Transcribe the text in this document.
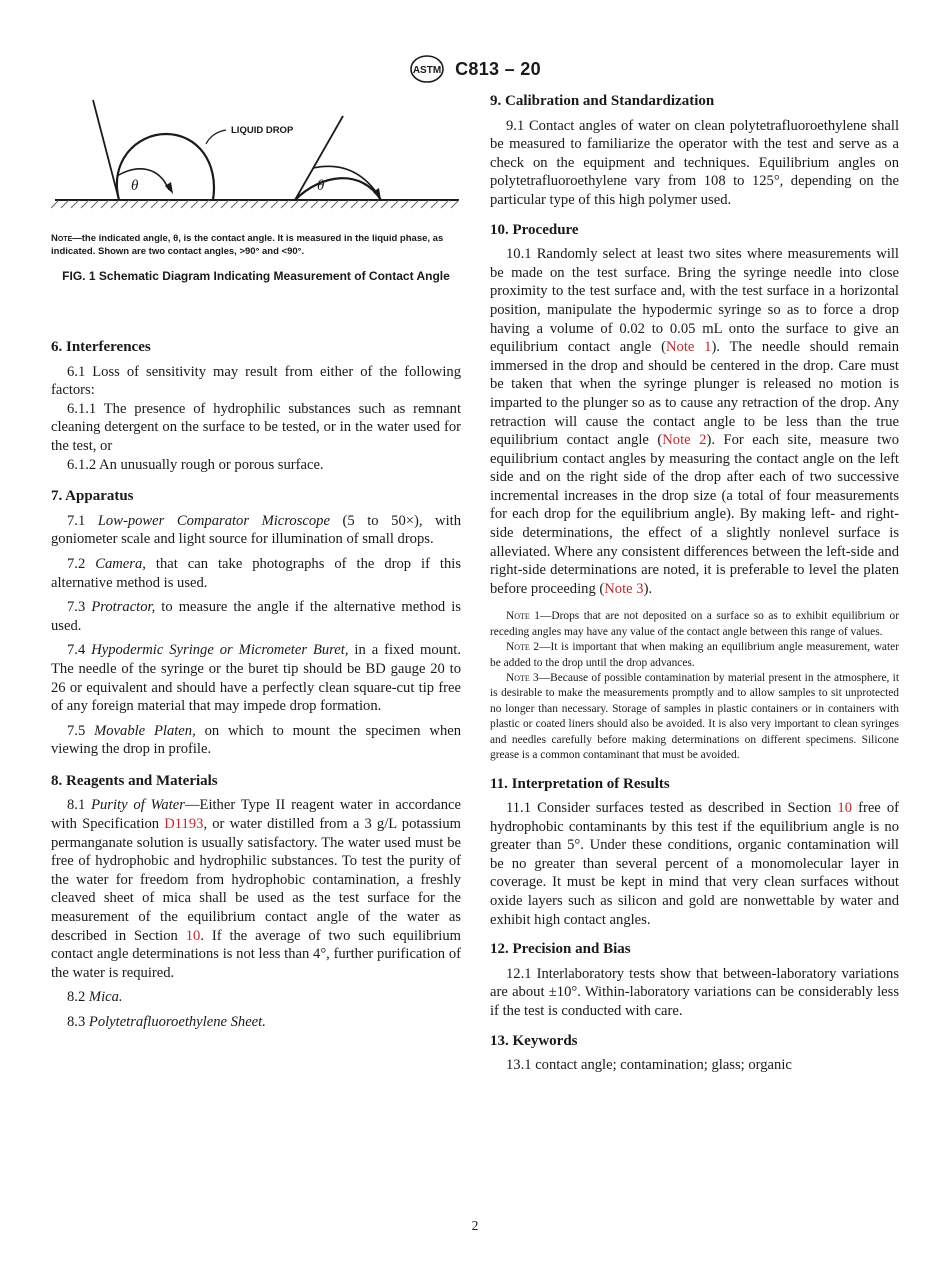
ASTM C813 – 20
LIQUID DROP
θ	θ

Note—the indicated angle, θ, is the contact angle. It is measured in the liquid phase, as indicated. Shown are two contact angles, >90° and <90°.

FIG. 1 Schematic Diagram Indicating Measurement of Contact Angle

6. Interferences

6.1 Loss of sensitivity may result from either of the following factors:

6.1.1 The presence of hydrophilic substances such as remnant cleaning detergent on the surface to be tested, or in the water used for the test, or

6.1.2 An unusually rough or porous surface.

7. Apparatus

7.1 Low-power Comparator Microscope (5 to 50×), with goniometer scale and light source for illumination of small drops.

7.2 Camera, that can take photographs of the drop if this alternative method is used.

7.3 Protractor, to measure the angle if the alternative method is used.

7.4 Hypodermic Syringe or Micrometer Buret, in a fixed mount. The needle of the syringe or the buret tip should be BD gauge 20 to 26 or equivalent and should have a perfectly clean square-cut tip free of any foreign material that may impede drop formation.

7.5 Movable Platen, on which to mount the specimen when viewing the drop in profile.

8. Reagents and Materials

8.1 Purity of Water—Either Type II reagent water in accordance with Specification D1193, or water distilled from a 3 g/L potassium permanganate solution is usually satisfactory. The water used must be free of hydrophobic and hydrophilic substances. To test the purity of the water for freedom from hydrophobic contamination, a freshly cleaved sheet of mica shall be used as the test surface for the measurement of the equilibrium contact angle of the water as described in Section 10. If the average of two such equilibrium contact angle determinations is not less than 4°, further purification of the water is required.

8.2 Mica.

8.3 Polytetrafluoroethylene Sheet.

9. Calibration and Standardization

9.1 Contact angles of water on clean polytetrafluoroethylene shall be measured to familiarize the operator with the test and serve as a check on the equipment and techniques. Equilibrium angles on polytetrafluoroethylene vary from 108 to 125°, depending on the particular type of this high polymer used.

10. Procedure

10.1 Randomly select at least two sites where measurements will be made on the test surface. Bring the syringe needle into close proximity to the test surface and, with the test surface in a horizontal position, manipulate the hypodermic syringe so as to force a drop having a volume of 0.02 to 0.05 mL onto the surface to give an equilibrium contact angle (Note 1). The needle should remain immersed in the drop and should be centered in the drop. Care must be taken that when the syringe plunger is released no motion is imparted to the plunger so as to cause any retraction of the drop. Any retraction will cause the contact angle to be less than the true equilibrium contact angle (Note 2). For each site, measure two equilibrium contact angles by measuring the contact angle on the left side and on the right side of the drop after each of two successive incremental increases in the drop size (a total of four measurements for each drop for the equilibrium angle). By making left- and right-side determinations, the effect of a slightly nonlevel surface is alleviated. Where any consistent differences between the left-side and right-side determinations are noted, it is preferable to level the platen before proceeding (Note 3).

Note 1—Drops that are not deposited on a surface so as to exhibit equilibrium or receding angles may have any value of the contact angle between this range of values.

Note 2—It is important that when making an equilibrium angle measurement, water be added to the drop until the drop advances.

Note 3—Because of possible contamination by material present in the atmosphere, it is desirable to make the measurements promptly and to allow samples to sit unprotected no longer than necessary. Storage of samples in plastic containers or in containers with plastic or coated liners should also be avoided. It is also very important to clean syringes and needles carefully before making determinations on different specimens. Silicone grease is a common contaminant that must be avoided.

11. Interpretation of Results

11.1 Consider surfaces tested as described in Section 10 free of hydrophobic contaminants by this test if the equilibrium angle is no greater than 5°. Under these conditions, organic contamination will be no greater than several percent of a monomolecular layer in coverage. It must be kept in mind that very clean surfaces without oxide layers such as silicon and gold are nonwettable by water and exhibit high contact angles.

12. Precision and Bias

12.1 Interlaboratory tests show that between-laboratory variations are about ±10°. Within-laboratory variations can be considerably less if the test is conducted with care.

13. Keywords

13.1 contact angle; contamination; glass; organic

2
